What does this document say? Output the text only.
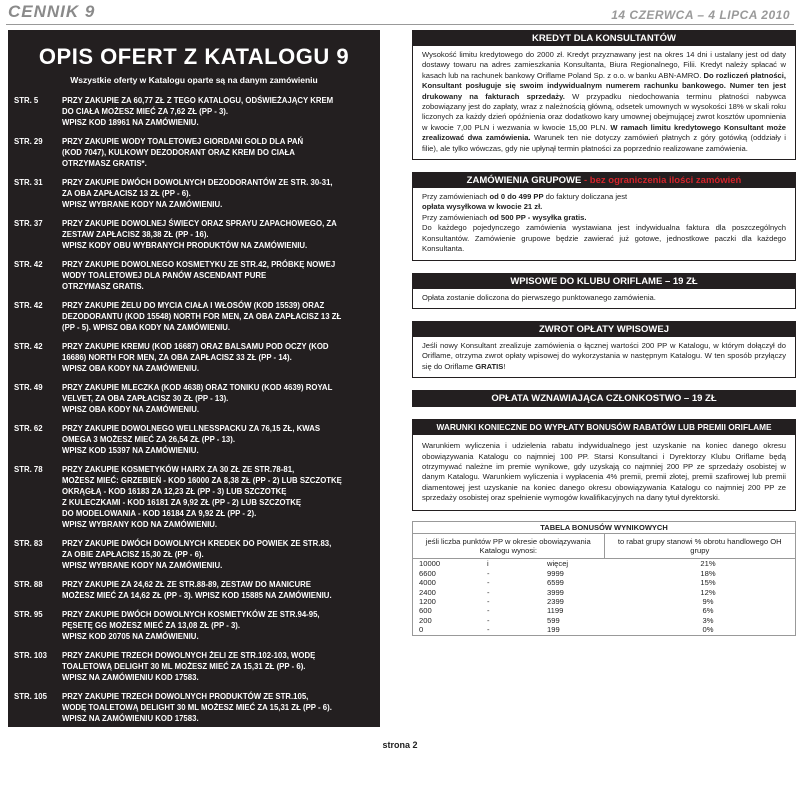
CENNIK 9	14 CZERWCA – 4 LIPCA 2010
OPIS OFERT Z KATALOGU 9
Wszystkie oferty w Katalogu oparte są na danym zamówieniu
STR. 5	PRZY ZAKUPIE ZA 60,77 ZŁ Z TEGO KATALOGU, ODŚWIEŻAJĄCY KREM
DO CIAŁA MOŻESZ MIEĆ ZA 7,62 ZŁ (PP - 3).
WPISZ KOD 18961 NA ZAMÓWIENIU.
STR. 29	PRZY ZAKUPIE WODY TOALETOWEJ GIORDANI GOLD DLA PAŃ
(KOD 7047), KULKOWY DEZODORANT ORAZ KREM DO CIAŁA
OTRZYMASZ GRATIS*.
STR. 31	PRZY ZAKUPIE DWÓCH DOWOLNYCH DEZODORANTÓW ZE STR. 30-31,
ZA OBA ZAPŁACISZ 13 ZŁ (PP - 6).
WPISZ WYBRANE KODY NA ZAMÓWIENIU.
STR. 37	PRZY ZAKUPIE DOWOLNEJ ŚWIECY ORAZ SPRAYU ZAPACHOWEGO, ZA
ZESTAW ZAPŁACISZ 38,38 ZŁ (PP - 16).
WPISZ KODY OBU WYBRANYCH PRODUKTÓW NA ZAMÓWIENIU.
STR. 42	PRZY ZAKUPIE DOWOLNEGO KOSMETYKU ZE STR.42, PRÓBKĘ NOWEJ
WODY TOALETOWEJ DLA PANÓW ASCENDANT PURE
OTRZYMASZ GRATIS.
STR. 42	PRZY ZAKUPIE ŻELU DO MYCIA CIAŁA I WŁOSÓW (KOD 15539) ORAZ
DEZODORANTU (KOD 15548) NORTH FOR MEN, ZA OBA ZAPŁACISZ 13 ZŁ
(PP - 5). WPISZ OBA KODY NA ZAMÓWIENIU.
STR. 42	PRZY ZAKUPIE KREMU (KOD 16687) ORAZ BALSAMU POD OCZY (KOD
16686) NORTH FOR MEN, ZA OBA ZAPŁACISZ 33 ZŁ (PP - 14).
WPISZ OBA KODY NA ZAMÓWIENIU.
STR. 49	PRZY ZAKUPIE MLECZKA (KOD 4638) ORAZ TONIKU (KOD 4639) ROYAL
VELVET, ZA OBA ZAPŁACISZ 30 ZŁ (PP - 13).
WPISZ OBA KODY NA ZAMÓWIENIU.
STR. 62	PRZY ZAKUPIE DOWOLNEGO WELLNESSPACKU ZA 76,15 ZŁ, KWAS
OMEGA 3 MOŻESZ MIEĆ ZA 26,54 ZŁ (PP - 13).
WPISZ KOD 15397 NA ZAMÓWIENIU.
STR. 78	PRZY ZAKUPIE KOSMETYKÓW HAIRX ZA 30 ZŁ ZE STR.78-81,
MOŻESZ MIEĆ: GRZEBIEŃ - KOD 16000 ZA 8,38 ZŁ (PP - 2) LUB SZCZOTKĘ
OKRĄGŁĄ - KOD 16183 ZA 12,23 ZŁ (PP - 3) LUB SZCZOTKĘ
Z KULECZKAMI - KOD 16181 ZA 9,92 ZŁ (PP - 2) LUB SZCZOTKĘ
DO MODELOWANIA - KOD 16184 ZA 9,92 ZŁ (PP - 2).
WPISZ WYBRANY KOD NA ZAMÓWIENIU.
STR. 83	PRZY ZAKUPIE DWÓCH DOWOLNYCH KREDEK DO POWIEK ZE STR.83,
ZA OBIE ZAPŁACISZ 15,30 ZŁ (PP - 6).
WPISZ WYBRANE KODY NA ZAMÓWIENIU.
STR. 88	PRZY ZAKUPIE ZA 24,62 ZŁ ZE STR.88-89, ZESTAW DO MANICURE
MOŻESZ MIEĆ ZA 14,62 ZŁ (PP - 3). WPISZ KOD 15885 NA ZAMÓWIENIU.
STR. 95	PRZY ZAKUPIE DWÓCH DOWOLNYCH KOSMETYKÓW ZE STR.94-95,
PĘSETĘ GG MOŻESZ MIEĆ ZA 13,08 ZŁ (PP - 3).
WPISZ KOD 20705 NA ZAMÓWIENIU.
STR. 103	PRZY ZAKUPIE TRZECH DOWOLNYCH ŻELI ZE STR.102-103, WODĘ
TOALETOWĄ DELIGHT 30 ML MOŻESZ MIEĆ ZA 15,31 ZŁ (PP - 6).
WPISZ NA ZAMÓWIENIU KOD 17583.
STR. 105	PRZY ZAKUPIE TRZECH DOWOLNYCH PRODUKTÓW ZE STR.105,
WODĘ TOALETOWĄ DELIGHT 30 ML MOŻESZ MIEĆ ZA 15,31 ZŁ (PP - 6).
WPISZ NA ZAMÓWIENIU KOD 17583.
STR. 107	PRZY ZAKUPIE TRZECH DOWOLNYCH KOSMETYKÓW WINOGRONO-
WYCH ZE STR.106-107, WODĘ TOALETOWĄ DELIGHT 30 ML MOŻESZ MIEĆ
ZA 15,31 ZŁ (PP - 6). WPISZ NA ZAMÓWIENIU KOD 17583.
* POMIMO TEGO, ŻE NA FAKTURZE WIDNIEJE CENA PRODUKTU GRATIS,
W RZECZYWISTOŚCI OTRZYMUJESZ GO ZA DARMO, PONIEWAŻ DANA
KWOTA ZOSTAŁA ODJĘTA OD CENY POZOSTAŁYCH PRODUKTÓW.
KREDYT DLA KONSULTANTÓW
Wysokość limitu kredytowego do 2000 zł. Kredyt przyznawany jest na okres 14 dni i ustalany jest od daty dostawy towaru na adres zamieszkania Konsultanta, Biura Regionalnego, Filii. Kredyt należy spłacać w kasach lub na rachunek bankowy Oriflame Poland Sp. z o.o. w banku ABN-AMRO. Do rozliczeń płatności, Konsultant posługuje się swoim indywidualnym numerem rachunku bankowego. Numer ten jest drukowany na fakturach sprzedaży. W przypadku niedochowania terminu płatności nabywca zobowiązany jest do zapłaty, wraz z należnością główną, odsetek umownych w wysokości 18% w skali roku liczonych za każdy dzień opóźnienia oraz dodatkowo kary umownej obejmującej zwrot kosztów upomnienia w kwocie 7,00 PLN i wezwania w kwocie 15,00 PLN. W ramach limitu kredytowego Konsultant może zrealizować dwa zamówienia. Warunek ten nie dotyczy zamówień płatnych z góry gotówką (oddziały i filie), ale tylko wówczas, gdy nie upłynął termin płatności za poprzednio realizowane zamówienia.
ZAMÓWIENIA GRUPOWE - bez ograniczenia ilości zamówień
Przy zamówieniach od 0 do 499 PP do faktury doliczana jest
opłata wysyłkowa w kwocie 21 zł.
Przy zamówieniach od 500 PP - wysyłka gratis.
Do każdego pojedynczego zamówienia wystawiana jest indywidualna faktura dla poszczególnych Konsultantów. Zamówienie grupowe będzie zawierać już gotowe, jednostkowe paczki dla każdego Konsultanta.
WPISOWE DO KLUBU ORIFLAME – 19 ZŁ
Opłata zostanie doliczona do pierwszego punktowanego zamówienia.
ZWROT OPŁATY WPISOWEJ
Jeśli nowy Konsultant zrealizuje zamówienia o łącznej wartości 200 PP w Katalogu, w którym dołączył do Oriflame, otrzyma zwrot opłaty wpisowej do wykorzystania w następnym Katalogu. W ten sposób przyłączy się do Oriflame GRATIS!
OPŁATA WZNAWIAJĄCA CZŁONKOSTWO – 19 ZŁ
WARUNKI KONIECZNE DO WYPŁATY BONUSÓW RABATÓW LUB PREMII ORIFLAME
Warunkiem wyliczenia i udzielenia rabatu indywidualnego jest uzyskanie na koniec danego okresu obowiązywania Katalogu co najmniej 100 PP. Starsi Konsultanci i Dyrektorzy Klubu Oriflame będą otrzymywać należne im premie wynikowe, gdy uzyskają co najmniej 200 PP ze sprzedaży osobistej w danym Katalogu. Warunkiem wyliczenia i wypłacenia 4% premii, premii złotej, premii szafirowej lub premii diamentowej jest uzyskanie na koniec danego okresu obowiązywania Katalogu co najmniej 200 PP ze sprzedaży osobistej oraz spełnienie wymogów kwalifikacyjnych na dany tytuł dyrektorski.
TABELA BONUSÓW WYNIKOWYCH
jeśli liczba punktów PP w okresie obowiązywania Katalogu wynosi:	to rabat grupy stanowi % obrotu handlowego OH grupy

10000	i	więcej	21%
6600	-	9999	18%
4000	-	6599	15%
2400	-	3999	12%
1200	-	2399	9%
600	-	1199	6%
200	-	599	3%
0	-	199	0%
strona 2
